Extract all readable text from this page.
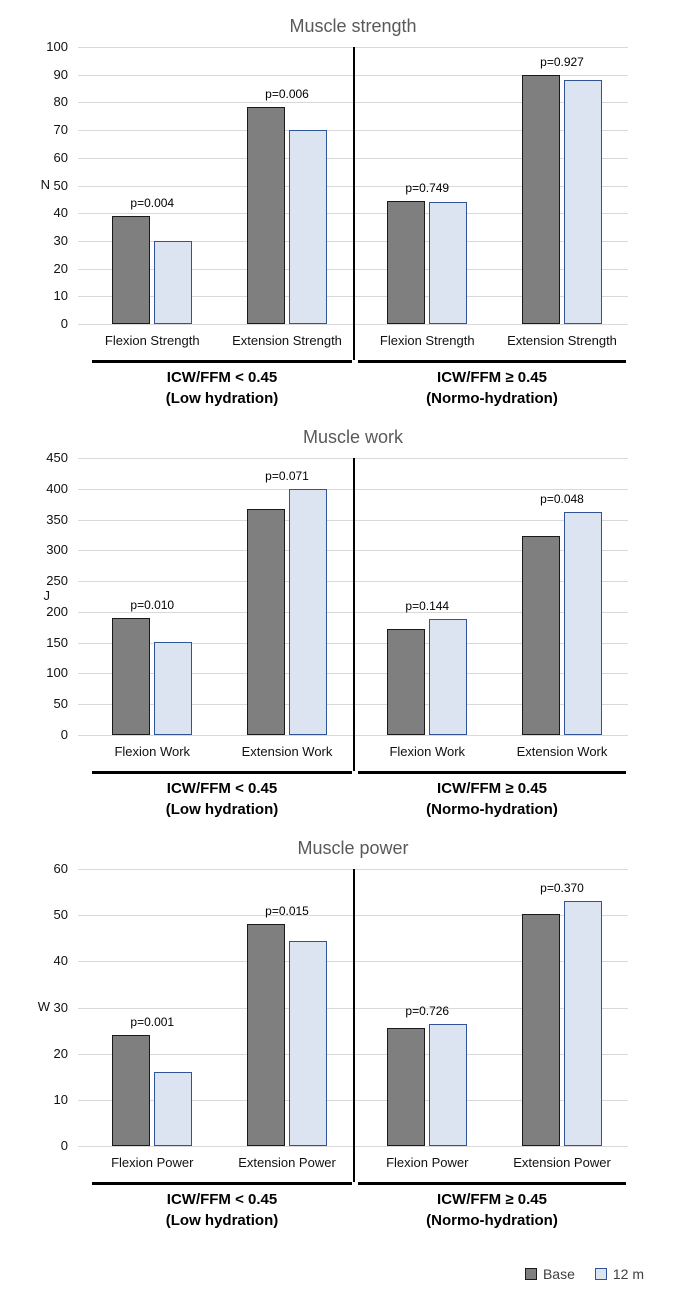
Muscle strength
0
10
20
30
40
50
60
70
80
90
100
N
p=0.004
Flexion Strength
p=0.006
Extension Strength
ICW/FFM < 0.45
(Low hydration)
p=0.749
Flexion Strength
p=0.927
Extension Strength
ICW/FFM ≥ 0.45
(Normo-hydration)
Muscle work
0
50
100
150
200
250
300
350
400
450
J
p=0.010
Flexion Work
p=0.071
Extension Work
ICW/FFM < 0.45
(Low hydration)
p=0.144
Flexion Work
p=0.048
Extension Work
ICW/FFM ≥ 0.45
(Normo-hydration)
Muscle power
0
10
20
30
40
50
60
W
p=0.001
Flexion Power
p=0.015
Extension Power
ICW/FFM < 0.45
(Low hydration)
p=0.726
Flexion Power
p=0.370
Extension Power
ICW/FFM ≥ 0.45
(Normo-hydration)
Base	12 m
